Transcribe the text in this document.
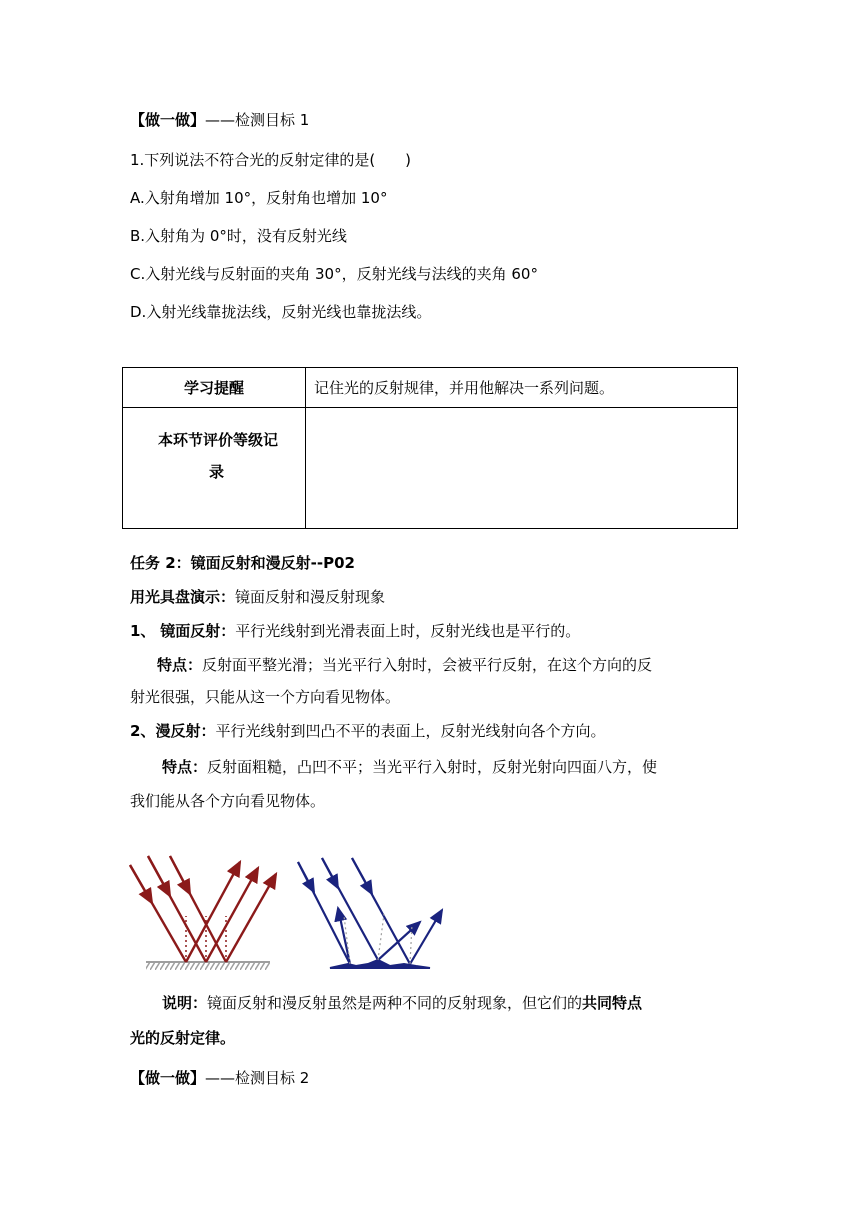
【做一做】——检测目标 1
1.下列说法不符合光的反射定律的是(　　)
A.入射角增加 10°，反射角也增加 10°
B.入射角为 0°时，没有反射光线
C.入射光线与反射面的夹角 30°，反射光线与法线的夹角 60°
D.入射光线靠拢法线，反射光线也靠拢法线。
学习提醒	记住光的反射规律，并用他解决一系列问题。

本环节评价等级记
录	

任务 2：镜面反射和漫反射--P02
用光具盘演示：镜面反射和漫反射现象
1、 镜面反射：平行光线射到光滑表面上时，反射光线也是平行的。
特点：反射面平整光滑；当光平行入射时，会被平行反射，在这个方向的反
射光很强，只能从这一个方向看见物体。
2、漫反射：平行光线射到凹凸不平的表面上，反射光线射向各个方向。
特点：反射面粗糙，凸凹不平；当光平行入射时，反射光射向四面八方，使
我们能从各个方向看见物体。
说明：镜面反射和漫反射虽然是两种不同的反射现象，但它们的共同特点
光的反射定律。
【做一做】——检测目标 2
